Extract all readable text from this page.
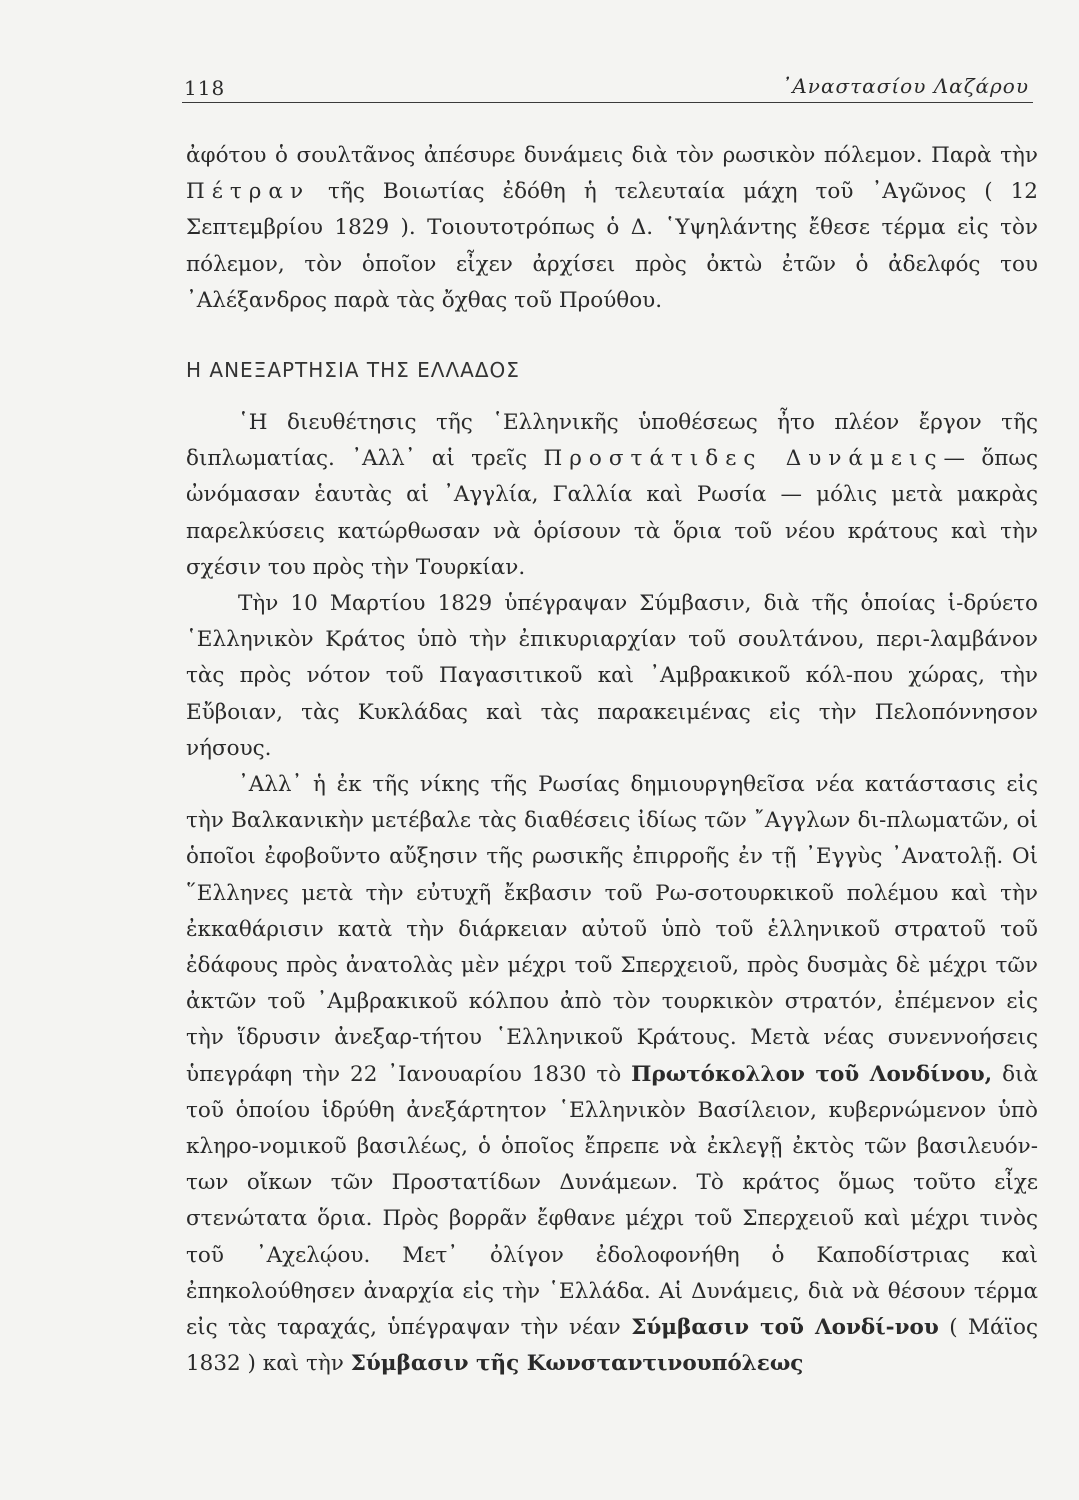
118	᾿Αναστασίου Λαζάρου

ἀφότου ὁ σουλτᾶνος ἀπέσυρε δυνάμεις διὰ τὸν ρωσικὸν πόλεμον. Παρὰ τὴν Πέτραν τῆς Βοιωτίας ἐδόθη ἡ τελευταία μάχη τοῦ ᾿Αγῶνος ( 12 Σεπτεμβρίου 1829 ). Τοιουτοτρόπως ὁ Δ. ῾Υψηλάντης ἔθεσε τέρμα εἰς τὸν πόλεμον, τὸν ὁποῖον εἶχεν ἀρχίσει πρὸς ὀκτὼ ἐτῶν ὁ ἀδελφός του ᾿Αλέξανδρος παρὰ τὰς ὄχθας τοῦ Προύθου.

Η ΑΝΕΞΑΡΤΗΣΙΑ ΤΗΣ ΕΛΛΑΔΟΣ

῾Η διευθέτησις τῆς ῾Ελληνικῆς ὑποθέσεως ἦτο πλέον ἔργον τῆς διπλωματίας. ᾿Αλλ᾿ αἱ τρεῖς Προστάτιδες Δυνάμεις— ὅπως ὠνόμασαν ἑαυτὰς αἱ ᾿Αγγλία, Γαλλία καὶ Ρωσία — μόλις μετὰ μακρὰς παρελκύσεις κατώρθωσαν νὰ ὁρίσουν τὰ ὅρια τοῦ νέου κράτους καὶ τὴν σχέσιν του πρὸς τὴν Τουρκίαν.

Τὴν 10 Μαρτίου 1829 ὑπέγραψαν Σύμβασιν, διὰ τῆς ὁποίας ἱ-δρύετο ῾Ελληνικὸν Κράτος ὑπὸ τὴν ἐπικυριαρχίαν τοῦ σουλτάνου, περι-λαμβάνον τὰς πρὸς νότον τοῦ Παγασιτικοῦ καὶ ᾿Αμβρακικοῦ κόλ-που χώρας, τὴν Εὔβοιαν, τὰς Κυκλάδας καὶ τὰς παρακειμένας εἰς τὴν Πελοπόννησον νήσους.

᾿Αλλ᾿ ἡ ἐκ τῆς νίκης τῆς Ρωσίας δημιουργηθεῖσα νέα κατάστασις εἰς τὴν Βαλκανικὴν μετέβαλε τὰς διαθέσεις ἰδίως τῶν ῎Αγγλων δι-πλωματῶν, οἱ ὁποῖοι ἐφοβοῦντο αὔξησιν τῆς ρωσικῆς ἐπιρροῆς ἐν τῇ ᾿Εγγὺς ᾿Ανατολῇ. Οἱ ῞Ελληνες μετὰ τὴν εὐτυχῆ ἔκβασιν τοῦ Ρω-σοτουρκικοῦ πολέμου καὶ τὴν ἐκκαθάρισιν κατὰ τὴν διάρκειαν αὐτοῦ ὑπὸ τοῦ ἑλληνικοῦ στρατοῦ τοῦ ἐδάφους πρὸς ἀνατολὰς μὲν μέχρι τοῦ Σπερχειοῦ, πρὸς δυσμὰς δὲ μέχρι τῶν ἀκτῶν τοῦ ᾿Αμβρακικοῦ κόλπου ἀπὸ τὸν τουρκικὸν στρατόν, ἐπέμενον εἰς τὴν ἵδρυσιν ἀνεξαρ-τήτου ῾Ελληνικοῦ Κράτους. Μετὰ νέας συνεννοήσεις ὑπεγράφη τὴν 22 ᾿Ιανουαρίου 1830 τὸ Πρωτόκολλον τοῦ Λονδίνου, διὰ τοῦ ὁποίου ἱδρύθη ἀνεξάρτητον ῾Ελληνικὸν Βασίλειον, κυβερνώμενον ὑπὸ κληρο-νομικοῦ βασιλέως, ὁ ὁποῖος ἔπρεπε νὰ ἐκλεγῇ ἐκτὸς τῶν βασιλευόν-των οἴκων τῶν Προστατίδων Δυνάμεων. Τὸ κράτος ὅμως τοῦτο εἶχε στενώτατα ὅρια. Πρὸς βορρᾶν ἔφθανε μέχρι τοῦ Σπερχειοῦ καὶ μέχρι τινὸς τοῦ ᾿Αχελῴου. Μετ᾿ ὀλίγον ἐδολοφονήθη ὁ Καποδίστριας καὶ ἐπηκολούθησεν ἀναρχία εἰς τὴν ῾Ελλάδα. Αἱ Δυνάμεις, διὰ νὰ θέσουν τέρμα εἰς τὰς ταραχάς, ὑπέγραψαν τὴν νέαν Σύμβασιν τοῦ Λονδί-νου ( Μάϊος 1832 ) καὶ τὴν Σύμβασιν τῆς Κωνσταντινουπόλεως
